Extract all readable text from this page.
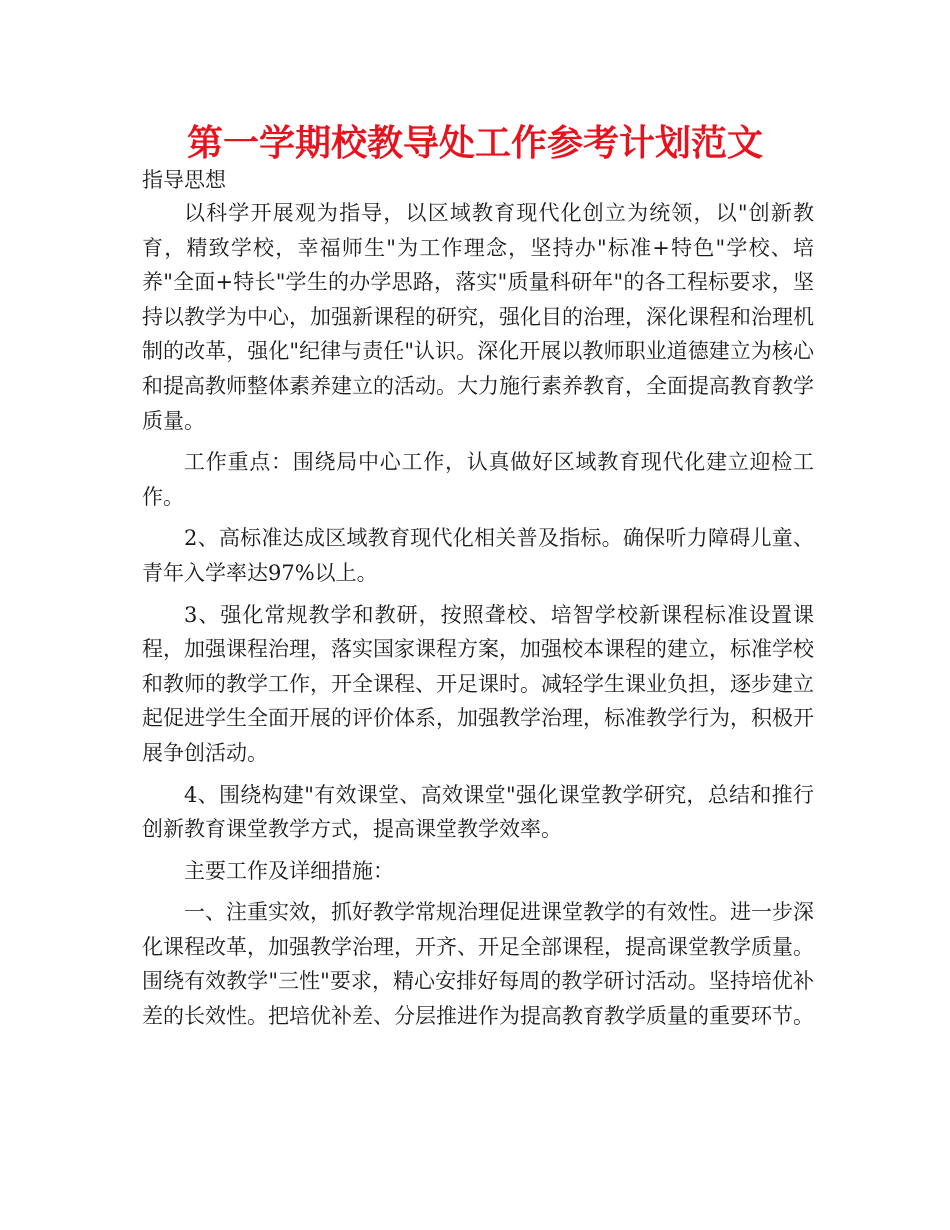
第一学期校教导处工作参考计划范文

指导思想

以科学开展观为指导，以区域教育现代化创立为统领，以"创新教育，精致学校，幸福师生"为工作理念，坚持办"标准+特色"学校、培养"全面+特长"学生的办学思路，落实"质量科研年"的各工程标要求，坚持以教学为中心，加强新课程的研究，强化目的治理，深化课程和治理机制的改革，强化"纪律与责任"认识。深化开展以教师职业道德建立为核心和提高教师整体素养建立的活动。大力施行素养教育，全面提高教育教学质量。

工作重点：围绕局中心工作，认真做好区域教育现代化建立迎检工作。

2、高标准达成区域教育现代化相关普及指标。确保听力障碍儿童、青年入学率达97%以上。

3、强化常规教学和教研，按照聋校、培智学校新课程标准设置课程，加强课程治理，落实国家课程方案，加强校本课程的建立，标准学校和教师的教学工作，开全课程、开足课时。减轻学生课业负担，逐步建立起促进学生全面开展的评价体系，加强教学治理，标准教学行为，积极开展争创活动。

4、围绕构建"有效课堂、高效课堂"强化课堂教学研究，总结和推行创新教育课堂教学方式，提高课堂教学效率。

主要工作及详细措施：

一、注重实效，抓好教学常规治理促进课堂教学的有效性。进一步深化课程改革，加强教学治理，开齐、开足全部课程，提高课堂教学质量。围绕有效教学"三性"要求，精心安排好每周的教学研讨活动。坚持培优补差的长效性。把培优补差、分层推进作为提高教育教学质量的重要环节。
